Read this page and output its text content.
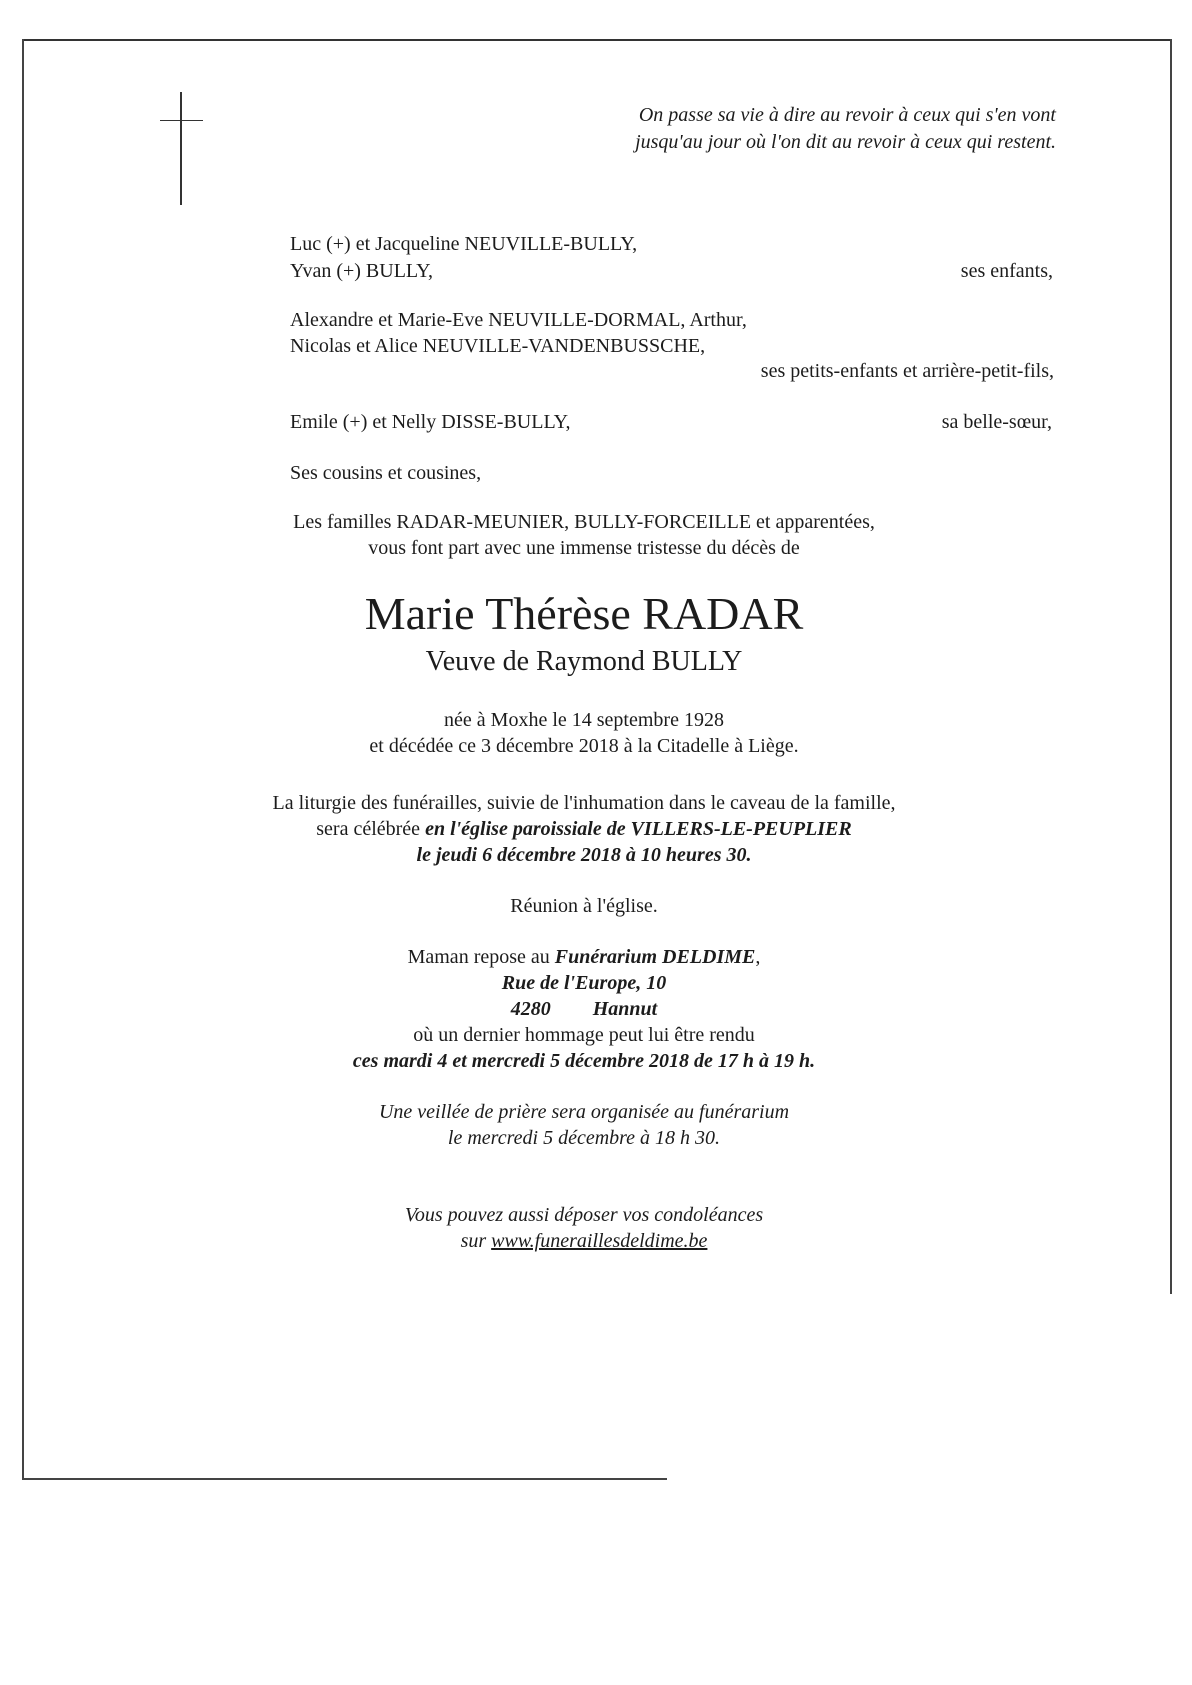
On passe sa vie à dire au revoir à ceux qui s'en vont
jusqu'au jour où l'on dit au revoir à ceux qui restent.
Luc (+) et Jacqueline NEUVILLE-BULLY,
Yvan (+) BULLY,	ses enfants,
Alexandre et Marie-Eve NEUVILLE-DORMAL, Arthur,
Nicolas et Alice NEUVILLE-VANDENBUSSCHE,
ses petits-enfants et arrière-petit-fils,
Emile (+) et Nelly DISSE-BULLY,	sa belle-sœur,
Ses cousins et cousines,
Les familles RADAR-MEUNIER, BULLY-FORCEILLE et apparentées,
vous font part avec une immense tristesse du décès de
Marie Thérèse RADAR
Veuve de Raymond BULLY
née à Moxhe le 14 septembre 1928
et décédée ce 3 décembre 2018 à la Citadelle à Liège.
La liturgie des funérailles, suivie de l'inhumation dans le caveau de la famille,
sera célébrée en l'église paroissiale de VILLERS-LE-PEUPLIER
le jeudi 6 décembre 2018 à 10 heures 30.
Réunion à l'église.
Maman repose au Funérarium DELDIME,
Rue de l'Europe, 10
4280 Hannut
où un dernier hommage peut lui être rendu
ces mardi 4 et mercredi 5 décembre 2018 de 17 h à 19 h.
Une veillée de prière sera organisée au funérarium
le mercredi 5 décembre à 18 h 30.
Vous pouvez aussi déposer vos condoléances
sur www.funeraillesdeldime.be
